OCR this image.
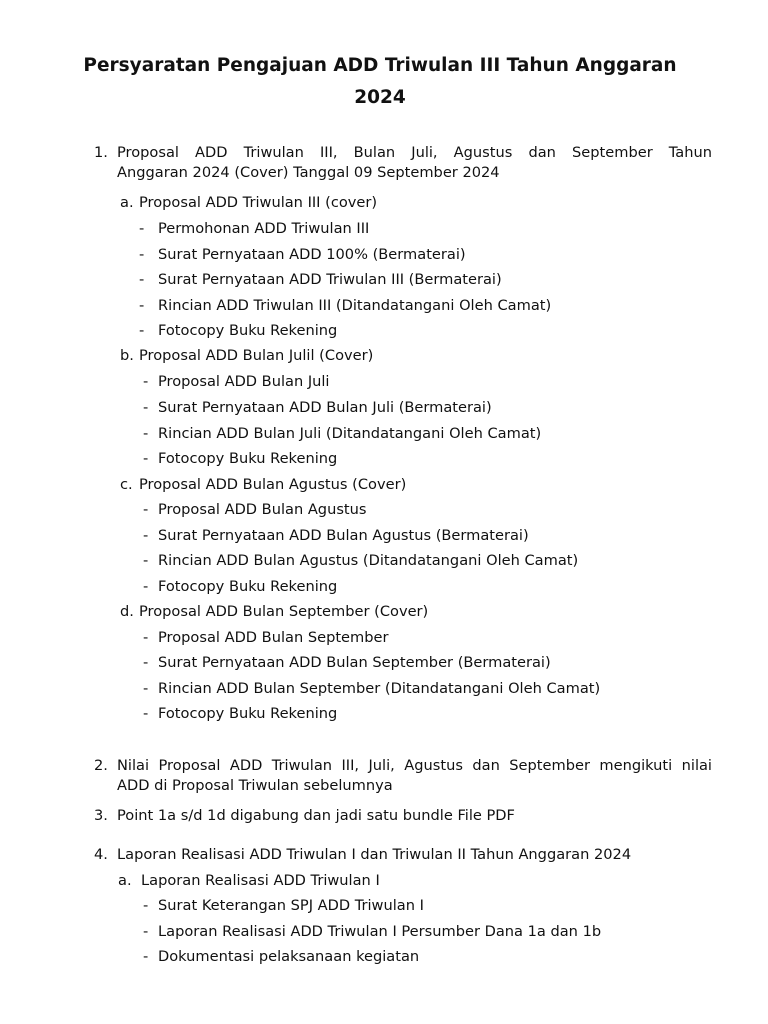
Persyaratan Pengajuan ADD Triwulan III Tahun Anggaran
2024
1. Proposal ADD Triwulan III, Bulan Juli, Agustus dan September Tahun
Anggaran 2024 (Cover) Tanggal 09 September 2024
a. Proposal ADD Triwulan III (cover)
- Permohonan ADD Triwulan III
- Surat Pernyataan ADD 100% (Bermaterai)
- Surat Pernyataan ADD Triwulan III (Bermaterai)
- Rincian ADD Triwulan III (Ditandatangani Oleh Camat)
- Fotocopy Buku Rekening
b. Proposal ADD Bulan Julil (Cover)
- Proposal ADD Bulan Juli
- Surat Pernyataan ADD Bulan Juli (Bermaterai)
- Rincian ADD Bulan Juli (Ditandatangani Oleh Camat)
- Fotocopy Buku Rekening
c. Proposal ADD Bulan Agustus (Cover)
- Proposal ADD Bulan Agustus
- Surat Pernyataan ADD Bulan Agustus (Bermaterai)
- Rincian ADD Bulan Agustus (Ditandatangani Oleh Camat)
- Fotocopy Buku Rekening
d. Proposal ADD Bulan September (Cover)
- Proposal ADD Bulan September
- Surat Pernyataan ADD Bulan September (Bermaterai)
- Rincian ADD Bulan September (Ditandatangani Oleh Camat)
- Fotocopy Buku Rekening
2. Nilai Proposal ADD Triwulan III, Juli, Agustus dan September mengikuti nilai
ADD di Proposal Triwulan sebelumnya
3. Point 1a s/d 1d digabung dan jadi satu bundle File PDF
4. Laporan Realisasi ADD Triwulan I dan Triwulan II Tahun Anggaran 2024
a. Laporan Realisasi ADD Triwulan I
- Surat Keterangan SPJ ADD Triwulan I
- Laporan Realisasi ADD Triwulan I Persumber Dana 1a dan 1b
- Dokumentasi pelaksanaan kegiatan
